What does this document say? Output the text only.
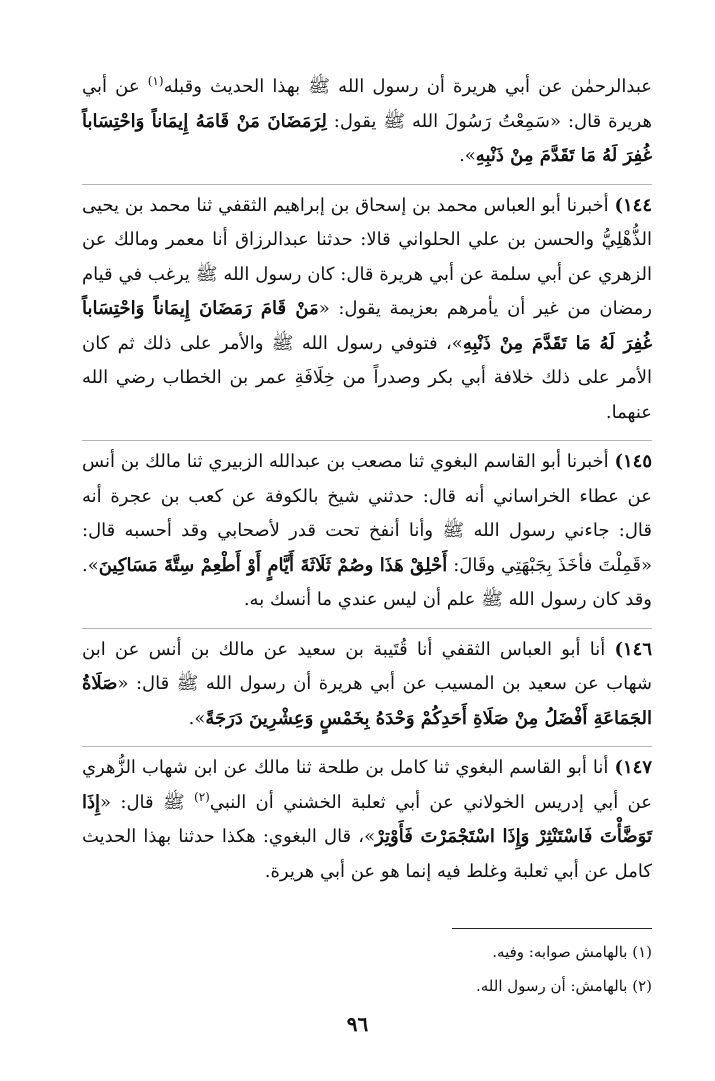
عبدالرحمٰن عن أبي هريرة أن رسول الله ﷺ بهذا الحديث وقبله$^{(١)}$ عن أبي هريرة قال: «سَمِعْتُ رَسُولَ الله ﷺ يقول: لِرَمَضَانَ مَنْ قَامَهُ إِيمَاناً وَاحْتِسَاباً غُفِرَ لَهُ مَا تَقَدَّمَ مِنْ ذَنْبِهِ».

١٤٤) أخبرنا أبو العباس محمد بن إسحاق بن إبراهيم الثقفي ثنا محمد بن يحيى الذُّهْلِيُّ والحسن بن علي الحلواني قالا: حدثنا عبدالرزاق أنا معمر ومالك عن الزهري عن أبي سلمة عن أبي هريرة قال: كان رسول الله ﷺ يرغب في قيام رمضان من غير أن يأمرهم بعزيمة يقول: «مَنْ قَامَ رَمَضَانَ إِيمَاناً وَاحْتِسَاباً غُفِرَ لَهُ مَا تَقَدَّمَ مِنْ ذَنْبِهِ»، فتوفي رسول الله ﷺ والأمر على ذلك ثم كان الأمر على ذلك خلافة أبي بكر وصدراً من خِلَافَةِ عمر بن الخطاب رضي الله عنهما.

١٤٥) أخبرنا أبو القاسم البغوي ثنا مصعب بن عبدالله الزبيري ثنا مالك بن أنس عن عطاء الخراساني أنه قال: حدثني شيخ بالكوفة عن كعب بن عجرة أنه قال: جاءني رسول الله ﷺ وأنا أنفخ تحت قدر لأصحابي وقد أحسبه قال: «قَمِلْتَ فأخَذَ بِجَبْهَتِي وقَالَ: أَحْلِقْ هَذَا وصُمْ ثَلَاثَةَ أَيَّامٍ أَوْ أَطْعِمْ سِتَّةَ مَسَاكِينَ». وقد كان رسول الله ﷺ علم أن ليس عندي ما أنسك به.

١٤٦) أنا أبو العباس الثقفي أنا قُتَيبة بن سعيد عن مالك بن أنس عن ابن شهاب عن سعيد بن المسيب عن أبي هريرة أن رسول الله ﷺ قال: «صَلَاةُ الجَمَاعَةِ أَفْضَلُ مِنْ صَلَاةِ أَحَدِكُمْ وَحْدَهُ بِخَمْسٍ وَعِشْرِينَ دَرَجَةً».

١٤٧) أنا أبو القاسم البغوي ثنا كامل بن طلحة ثنا مالك عن ابن شهاب الزُّهري عن أبي إدريس الخولاني عن أبي ثعلبة الخشني أن النبي$^{(٢)}$ ﷺ قال: «إِذَا تَوَضَّأْتَ فَاسْتَنْثِرْ وَإِذَا اسْتَجْمَرْتَ فَأَوْتِرْ»، قال البغوي: هكذا حدثنا بهذا الحديث كامل عن أبي ثعلبة وغلط فيه إنما هو عن أبي هريرة.

(١) بالهامش صوابه: وفيه.
(٢) بالهامش: أن رسول الله.
٩٦
